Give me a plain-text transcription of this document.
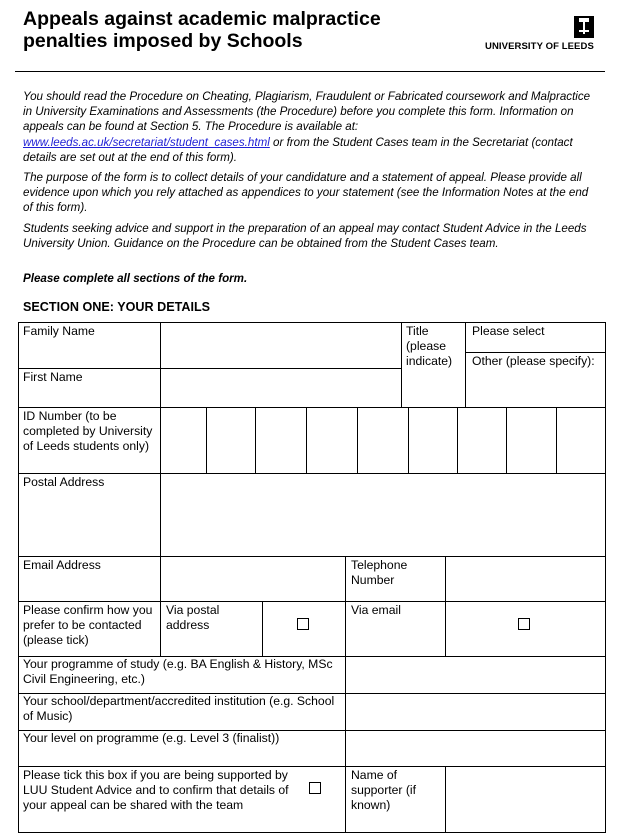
Appeals against academic malpractice
penalties imposed by Schools	UNIVERSITY OF LEEDS

You should read the Procedure on Cheating, Plagiarism, Fraudulent or Fabricated coursework and Malpractice in University Examinations and Assessments (the Procedure) before you complete this form. Information on appeals can be found at Section 5. The Procedure is available at:
www.leeds.ac.uk/secretariat/student_cases.html or from the Student Cases team in the Secretariat (contact details are set out at the end of this form).

The purpose of the form is to collect details of your candidature and a statement of appeal. Please provide all evidence upon which you rely attached as appendices to your statement (see the Information Notes at the end of this form).

Students seeking advice and support in the preparation of an appeal may contact Student Advice in the Leeds University Union. Guidance on the Procedure can be obtained from the Student Cases team.

Please complete all sections of the form.
SECTION ONE: YOUR DETAILS
Family Name
First Name
Title (please indicate)
Please select
Other (please specify):
ID Number (to be completed by University of Leeds students only)
Postal Address
Email Address	Telephone Number
Please confirm how you prefer to be contacted (please tick)
Via postal address
Via email
Your programme of study (e.g. BA English & History, MSc Civil Engineering, etc.)
Your school/department/accredited institution (e.g. School of Music)
Your level on programme (e.g. Level 3 (finalist))
Please tick this box if you are being supported by LUU Student Advice and to confirm that details of your appeal can be shared with the team
Name of supporter (if known)
